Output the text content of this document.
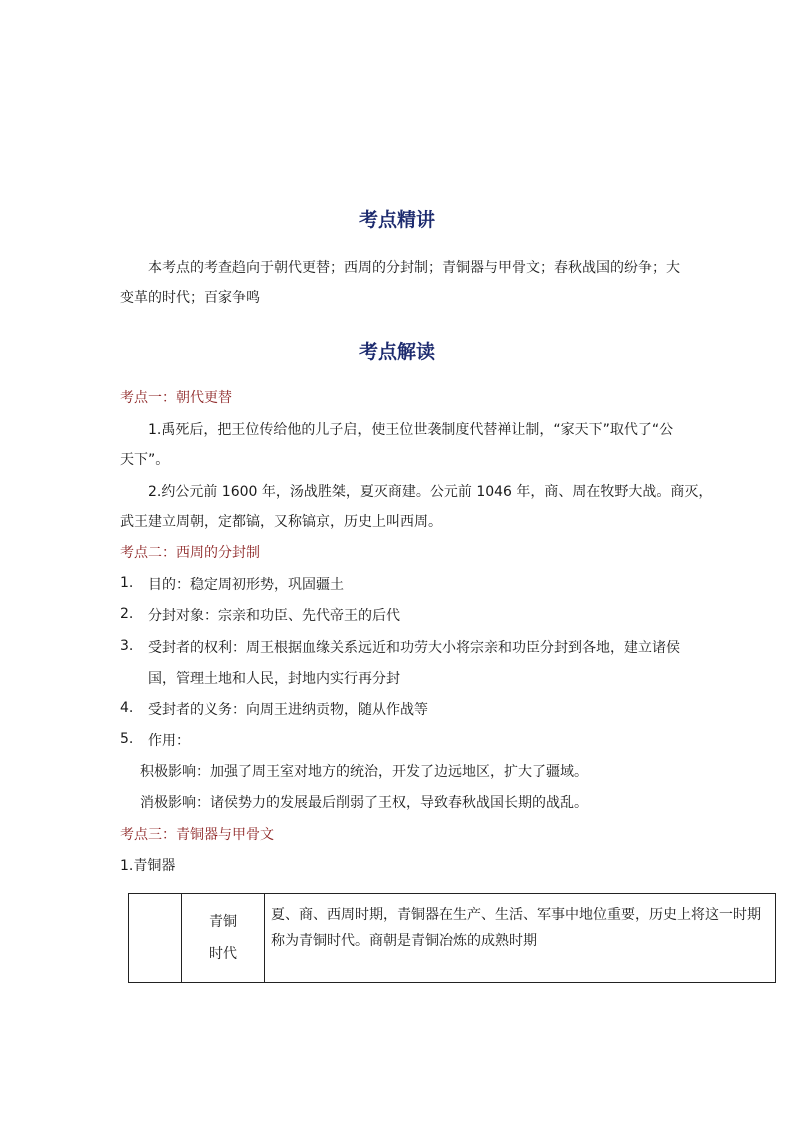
考点精讲
本考点的考查趋向于朝代更替；西周的分封制；青铜器与甲骨文；春秋战国的纷争；大
变革的时代；百家争鸣
考点解读
考点一：朝代更替
1.禹死后，把王位传给他的儿子启，使王位世袭制度代替禅让制，“家天下”取代了“公
天下”。
2.约公元前 1600 年，汤战胜桀，夏灭商建。公元前 1046 年，商、周在牧野大战。商灭，
武王建立周朝，定都镐，又称镐京，历史上叫西周。
考点二：西周的分封制
1.	目的：稳定周初形势，巩固疆土
2.	分封对象：宗亲和功臣、先代帝王的后代
3.	受封者的权利：周王根据血缘关系远近和功劳大小将宗亲和功臣分封到各地，建立诸侯
国，管理土地和人民，封地内实行再分封
4.	受封者的义务：向周王进纳贡物，随从作战等
5.	作用：
积极影响：加强了周王室对地方的统治，开发了边远地区，扩大了疆域。
消极影响：诸侯势力的发展最后削弱了王权，导致春秋战国长期的战乱。
考点三：青铜器与甲骨文
1.青铜器

青铜
时代
	夏、商、西周时期，青铜器在生产、生活、军事中地位重要，历史上将这一时期称为青铜时代。商朝是青铜冶炼的成熟时期
